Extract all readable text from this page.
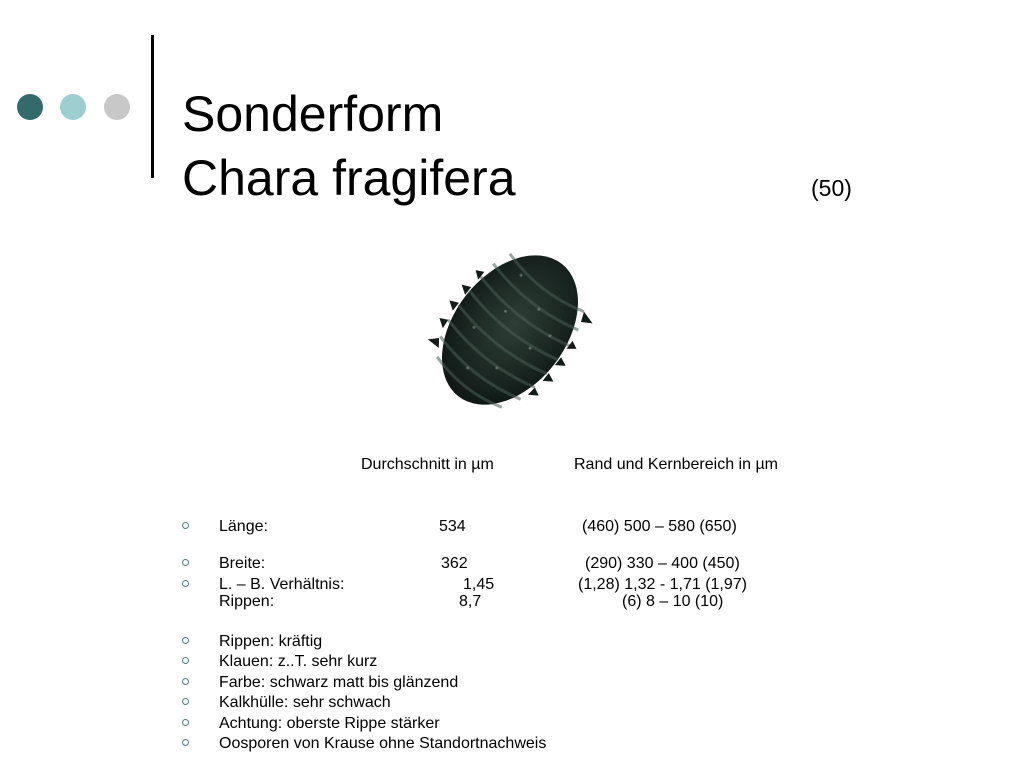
Sonderform
Chara fragifera	(50)
Durchschnitt in µm	Rand und Kernbereich in µm
Länge:	534	(460) 500 – 580 (650)
Breite:	362	(290) 330 – 400 (450)
L. – B. Verhältnis:	1,45	(1,28) 1,32 - 1,71 (1,97)
Rippen:	8,7	(6) 8 – 10 (10)
Rippen: kräftig
Klauen: z..T. sehr kurz
Farbe: schwarz matt bis glänzend
Kalkhülle: sehr schwach
Achtung: oberste Rippe stärker
Oosporen von Krause ohne Standortnachweis
